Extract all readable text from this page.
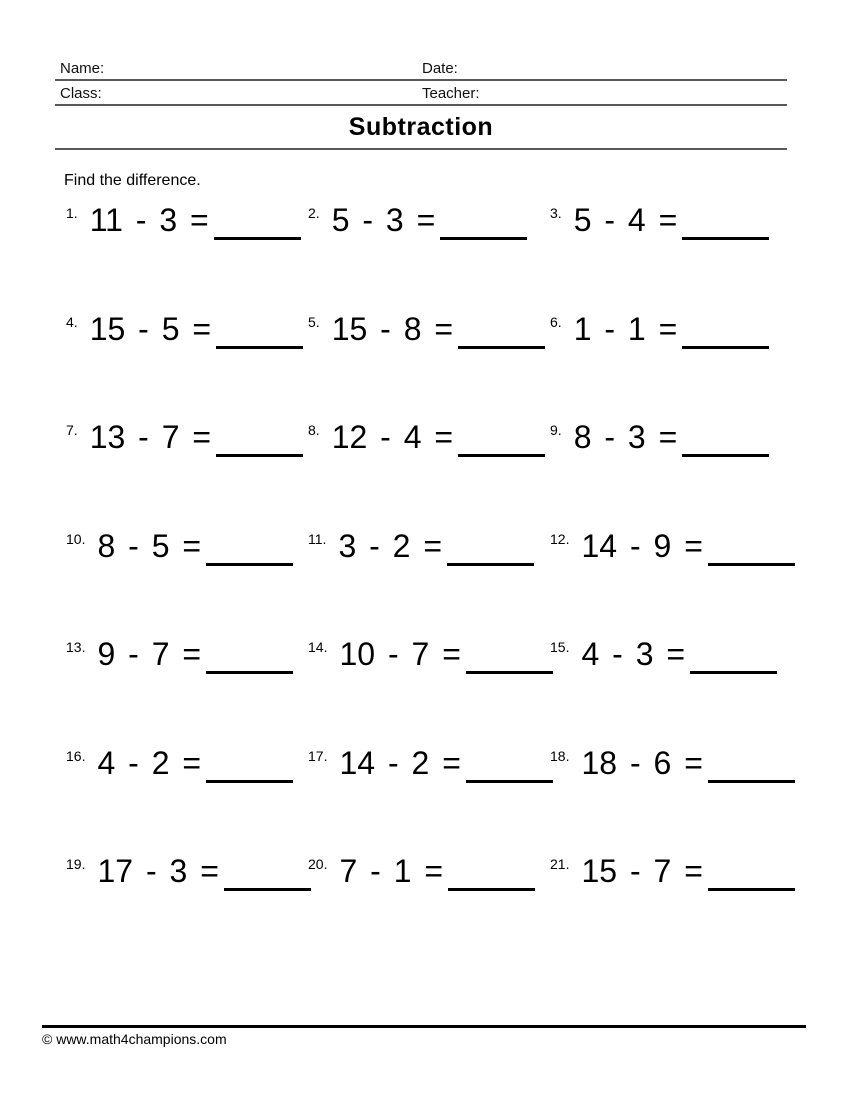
Name:	Date:
Class:	Teacher:
Subtraction
Find the difference.
1. 11 - 3 =	2. 5 - 3 =	3. 5 - 4 =
4. 15 - 5 =	5. 15 - 8 =	6. 1 - 1 =
7. 13 - 7 =	8. 12 - 4 =	9. 8 - 3 =
10. 8 - 5 =	11. 3 - 2 =	12. 14 - 9 =
13. 9 - 7 =	14. 10 - 7 =	15. 4 - 3 =
16. 4 - 2 =	17. 14 - 2 =	18. 18 - 6 =
19. 17 - 3 =	20. 7 - 1 =	21. 15 - 7 =
© www.math4champions.com
